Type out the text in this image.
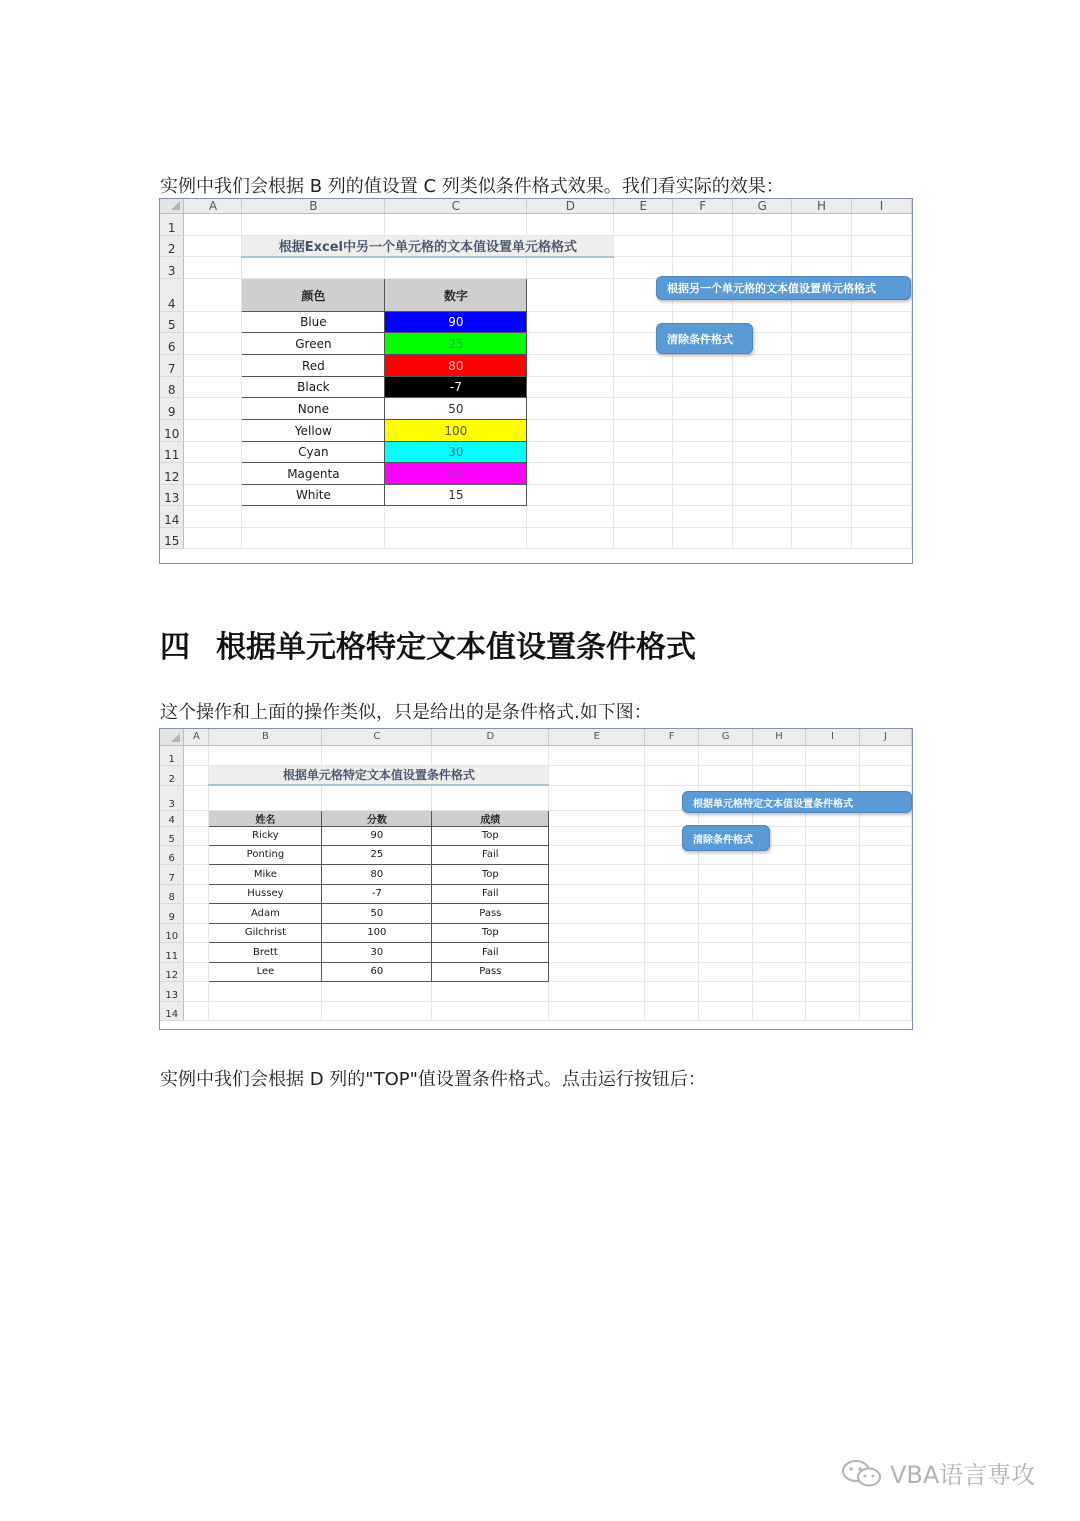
实例中我们会根据 B 列的值设置 C 列类似条件格式效果。我们看实际的效果：
	A	B	C	D	E	F	G	H	I
1									
2		根据Excel中另一个单元格的文本值设置单元格格式							
3									
4		颜色	数字						
5		Blue	90						
6		Green	25						
7		Red	80						
8		Black	-7						
9		None	50						
10		Yellow	100						
11		Cyan	30						
12		Magenta	60						
13		White	15						
14									
15									
根据另一个单元格的文本值设置单元格格式
清除条件格式
四 根据单元格特定文本值设置条件格式
这个操作和上面的操作类似，只是给出的是条件格式.如下图：
	A	B	C	D	E	F	G	H	I	J
1										
2		根据单元格特定文本值设置条件格式								
3										
4		姓名	分数	成绩						
5		Ricky	90	Top						
6		Ponting	25	Fail						
7		Mike	80	Top						
8		Hussey	-7	Fail						
9		Adam	50	Pass						
10		Gilchrist	100	Top						
11		Brett	30	Fail						
12		Lee	60	Pass						
13										
14										
根据单元格特定文本值设置条件格式
清除条件格式
实例中我们会根据 D 列的"TOP"值设置条件格式。点击运行按钮后：
VBA语言専攻
